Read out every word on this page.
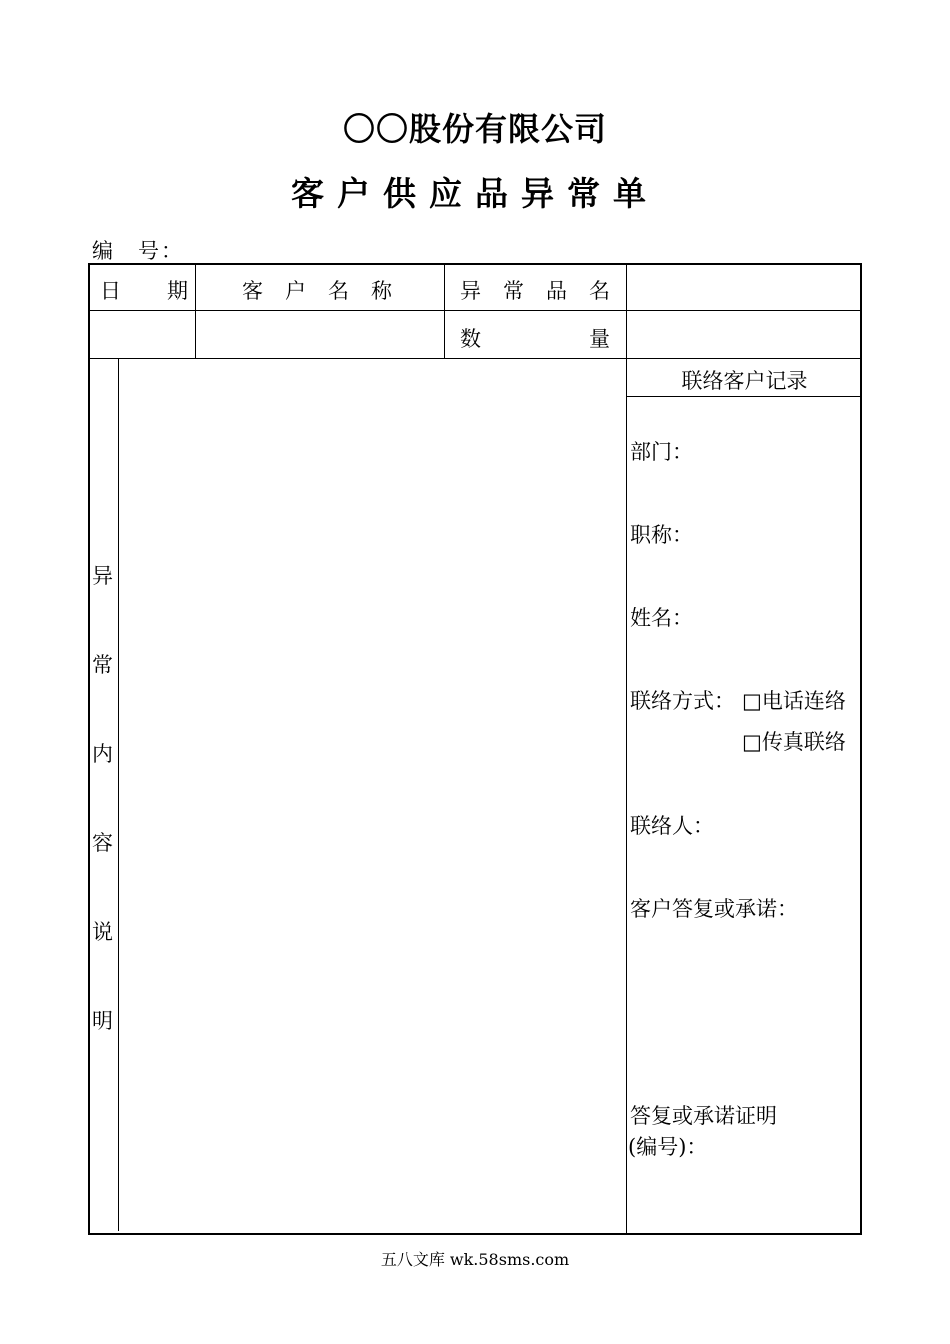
〇〇股份有限公司
客户供应品异常单
编　号：
日期 客户名称 异常品名
数量
异
常
内
容
说
明
联络客户记录
部门：
职称：
姓名：
联络方式： □电话连络
□传真联络
联络人：
客户答复或承诺：
答复或承诺证明
(编号)：
五八文库 wk.58sms.com
